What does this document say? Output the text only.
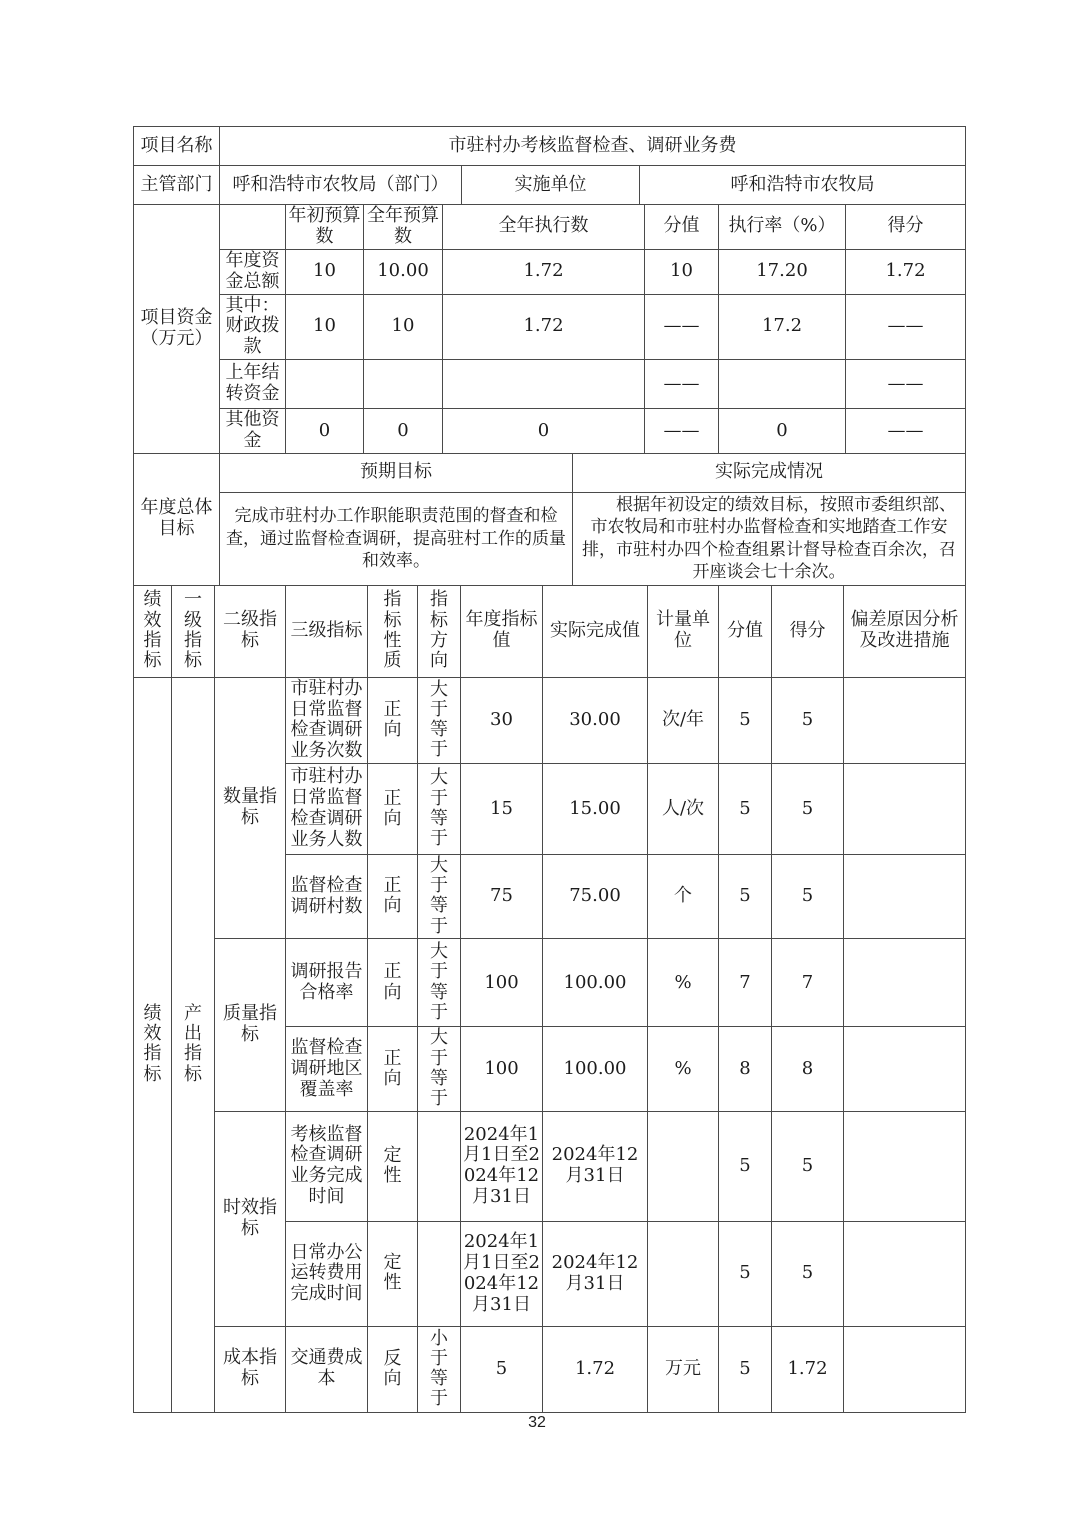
项目名称	市驻村办考核监督检查、调研业务费		
主管部门	呼和浩特市农牧局（部门）	实施单位	呼和浩特市农牧局
项目资金（万元）		年初预算数	全年预算数	全年执行数	分值	执行率（%）	得分
	年度资金总额	10	10.00	1.72	10	17.20	1.72
	其中：财政拨款	10	10	1.72	——	17.2	——
	上年结转资金				——		——
	其他资金	0	0	0	——	0	——
年度总体目标	预期目标	实际完成情况
	完成市驻村办工作职能职责范围的督查和检查，通过监督检查调研，提高驻村工作的质量和效率。	根据年初设定的绩效目标，按照市委组织部、市农牧局和市驻村办监督检查和实地踏查工作安排，市驻村办四个检查组累计督导检查百余次，召开座谈会七十余次。
绩效指标	一级指标	二级指标	三级指标	指标性质	指标方向	年度指标值	实际完成值	计量单位	分值	得分	偏差原因分析及改进措施
绩效指标	产出指标	数量指标	市驻村办日常监督检查调研业务次数	正向	大于等于	30	30.00	次/年	5	5	
			市驻村办日常监督检查调研业务人数	正向	大于等于	15	15.00	人/次	5	5	
			监督检查调研村数	正向	大于等于	75	75.00	个	5	5	
		质量指标	调研报告合格率	正向	大于等于	100	100.00	%	7	7	
			监督检查调研地区覆盖率	正向	大于等于	100	100.00	%	8	8	
		时效指标	考核监督检查调研业务完成时间	定性		2024年1月1日至2024年12月31日	2024年12月31日		5	5	
			日常办公运转费用完成时间	定性		2024年1月1日至2024年12月31日	2024年12月31日		5	5	
		成本指标	交通费成本	反向	小于等于	5	1.72	万元	5	1.72	
32
